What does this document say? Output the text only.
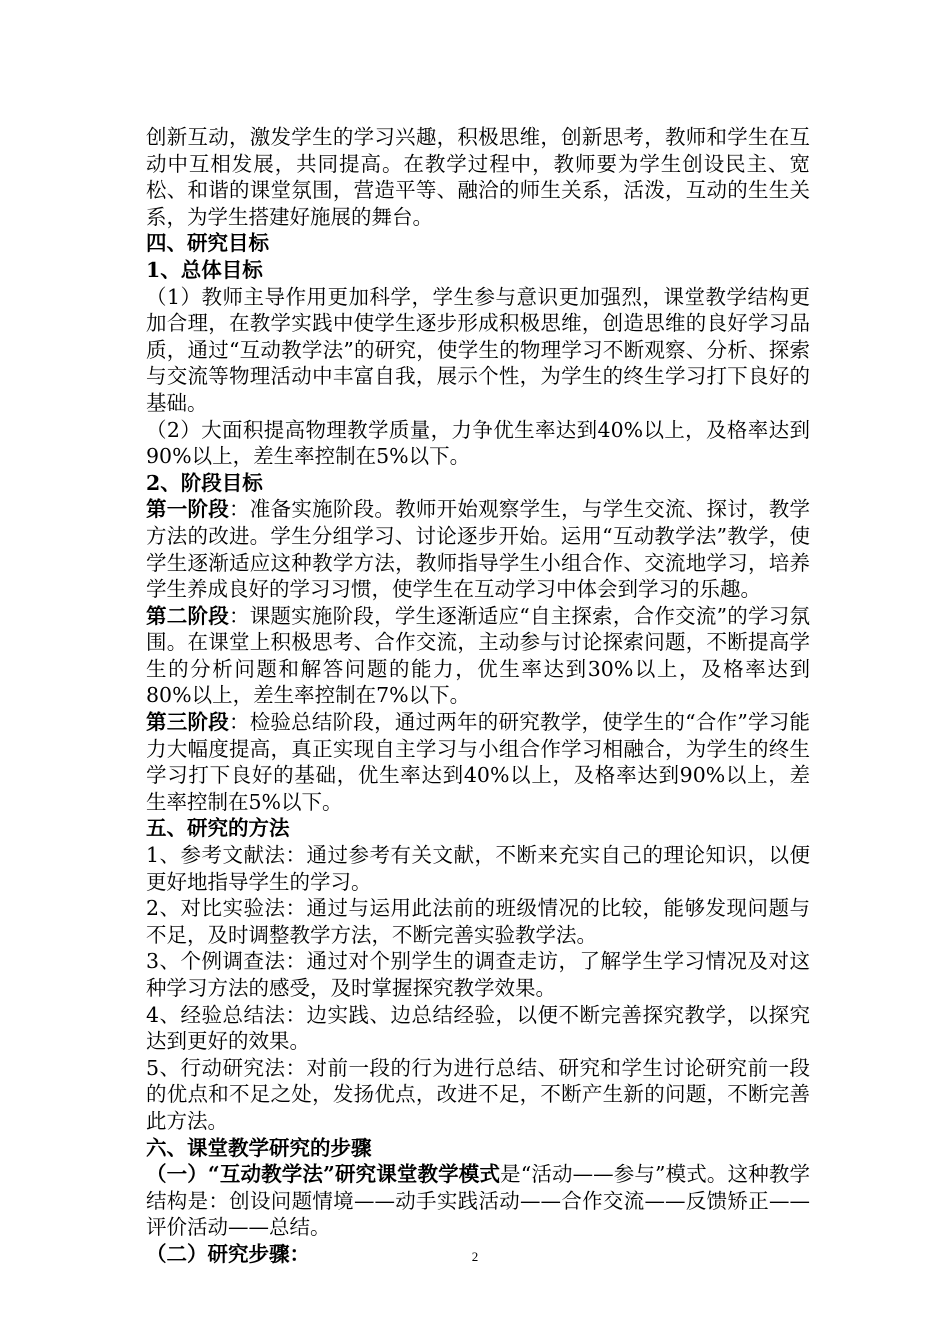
创新互动，激发学生的学习兴趣，积极思维，创新思考，教师和学生在互动中互相发展，共同提高。在教学过程中，教师要为学生创设民主、宽松、和谐的课堂氛围，营造平等、融洽的师生关系，活泼，互动的生生关系，为学生搭建好施展的舞台。

四、研究目标

1、总体目标

（1）教师主导作用更加科学，学生参与意识更加强烈，课堂教学结构更加合理，在教学实践中使学生逐步形成积极思维，创造思维的良好学习品质，通过“互动教学法”的研究，使学生的物理学习不断观察、分析、探索与交流等物理活动中丰富自我，展示个性，为学生的终生学习打下良好的基础。

（2）大面积提高物理教学质量，力争优生率达到40%以上，及格率达到90%以上，差生率控制在5%以下。

2、阶段目标

第一阶段：准备实施阶段。教师开始观察学生，与学生交流、探讨，教学方法的改进。学生分组学习、讨论逐步开始。运用“互动教学法”教学，使学生逐渐适应这种教学方法，教师指导学生小组合作、交流地学习，培养学生养成良好的学习习惯，使学生在互动学习中体会到学习的乐趣。

第二阶段：课题实施阶段，学生逐渐适应“自主探索，合作交流”的学习氛围。在课堂上积极思考、合作交流，主动参与讨论探索问题，不断提高学生的分析问题和解答问题的能力，优生率达到30%以上，及格率达到80%以上，差生率控制在7%以下。

第三阶段：检验总结阶段，通过两年的研究教学，使学生的“合作”学习能力大幅度提高，真正实现自主学习与小组合作学习相融合，为学生的终生学习打下良好的基础，优生率达到40%以上，及格率达到90%以上，差生率控制在5%以下。

五、研究的方法

1、参考文献法：通过参考有关文献，不断来充实自己的理论知识，以便更好地指导学生的学习。

2、对比实验法：通过与运用此法前的班级情况的比较，能够发现问题与不足，及时调整教学方法，不断完善实验教学法。

3、个例调查法：通过对个别学生的调查走访，了解学生学习情况及对这种学习方法的感受，及时掌握探究教学效果。

4、经验总结法：边实践、边总结经验，以便不断完善探究教学，以探究达到更好的效果。

5、行动研究法：对前一段的行为进行总结、研究和学生讨论研究前一段的优点和不足之处，发扬优点，改进不足，不断产生新的问题，不断完善此方法。

六、课堂教学研究的步骤

（一）“互动教学法”研究课堂教学模式是“活动——参与”模式。这种教学结构是：创设问题情境——动手实践活动——合作交流——反馈矫正——评价活动——总结。

（二）研究步骤：	2
